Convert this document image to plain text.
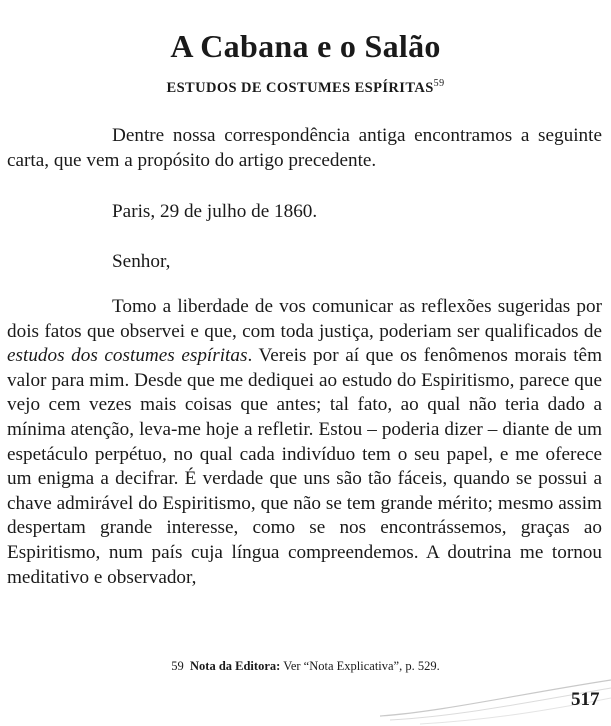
A Cabana e o Salão
ESTUDOS DE COSTUMES ESPÍRITAS$^{59}$
Dentre nossa correspondência antiga encontramos a seguinte carta, que vem a propósito do artigo precedente.
Paris, 29 de julho de 1860.
Senhor,
Tomo a liberdade de vos comunicar as reflexões sugeridas por dois fatos que observei e que, com toda justiça, poderiam ser qualificados de estudos dos costumes espíritas. Vereis por aí que os fenômenos morais têm valor para mim. Desde que me dediquei ao estudo do Espiritismo, parece que vejo cem vezes mais coisas que antes; tal fato, ao qual não teria dado a mínima atenção, leva-me hoje a refletir. Estou – poderia dizer – diante de um espetáculo perpétuo, no qual cada indivíduo tem o seu papel, e me oferece um enigma a decifrar. É verdade que uns são tão fáceis, quando se possui a chave admirável do Espiritismo, que não se tem grande mérito; mesmo assim despertam grande interesse, como se nos encontrássemos, graças ao Espiritismo, num país cuja língua compreendemos. A doutrina me tornou meditativo e observador,
59 Nota da Editora: Ver “Nota Explicativa”, p. 529.
517
